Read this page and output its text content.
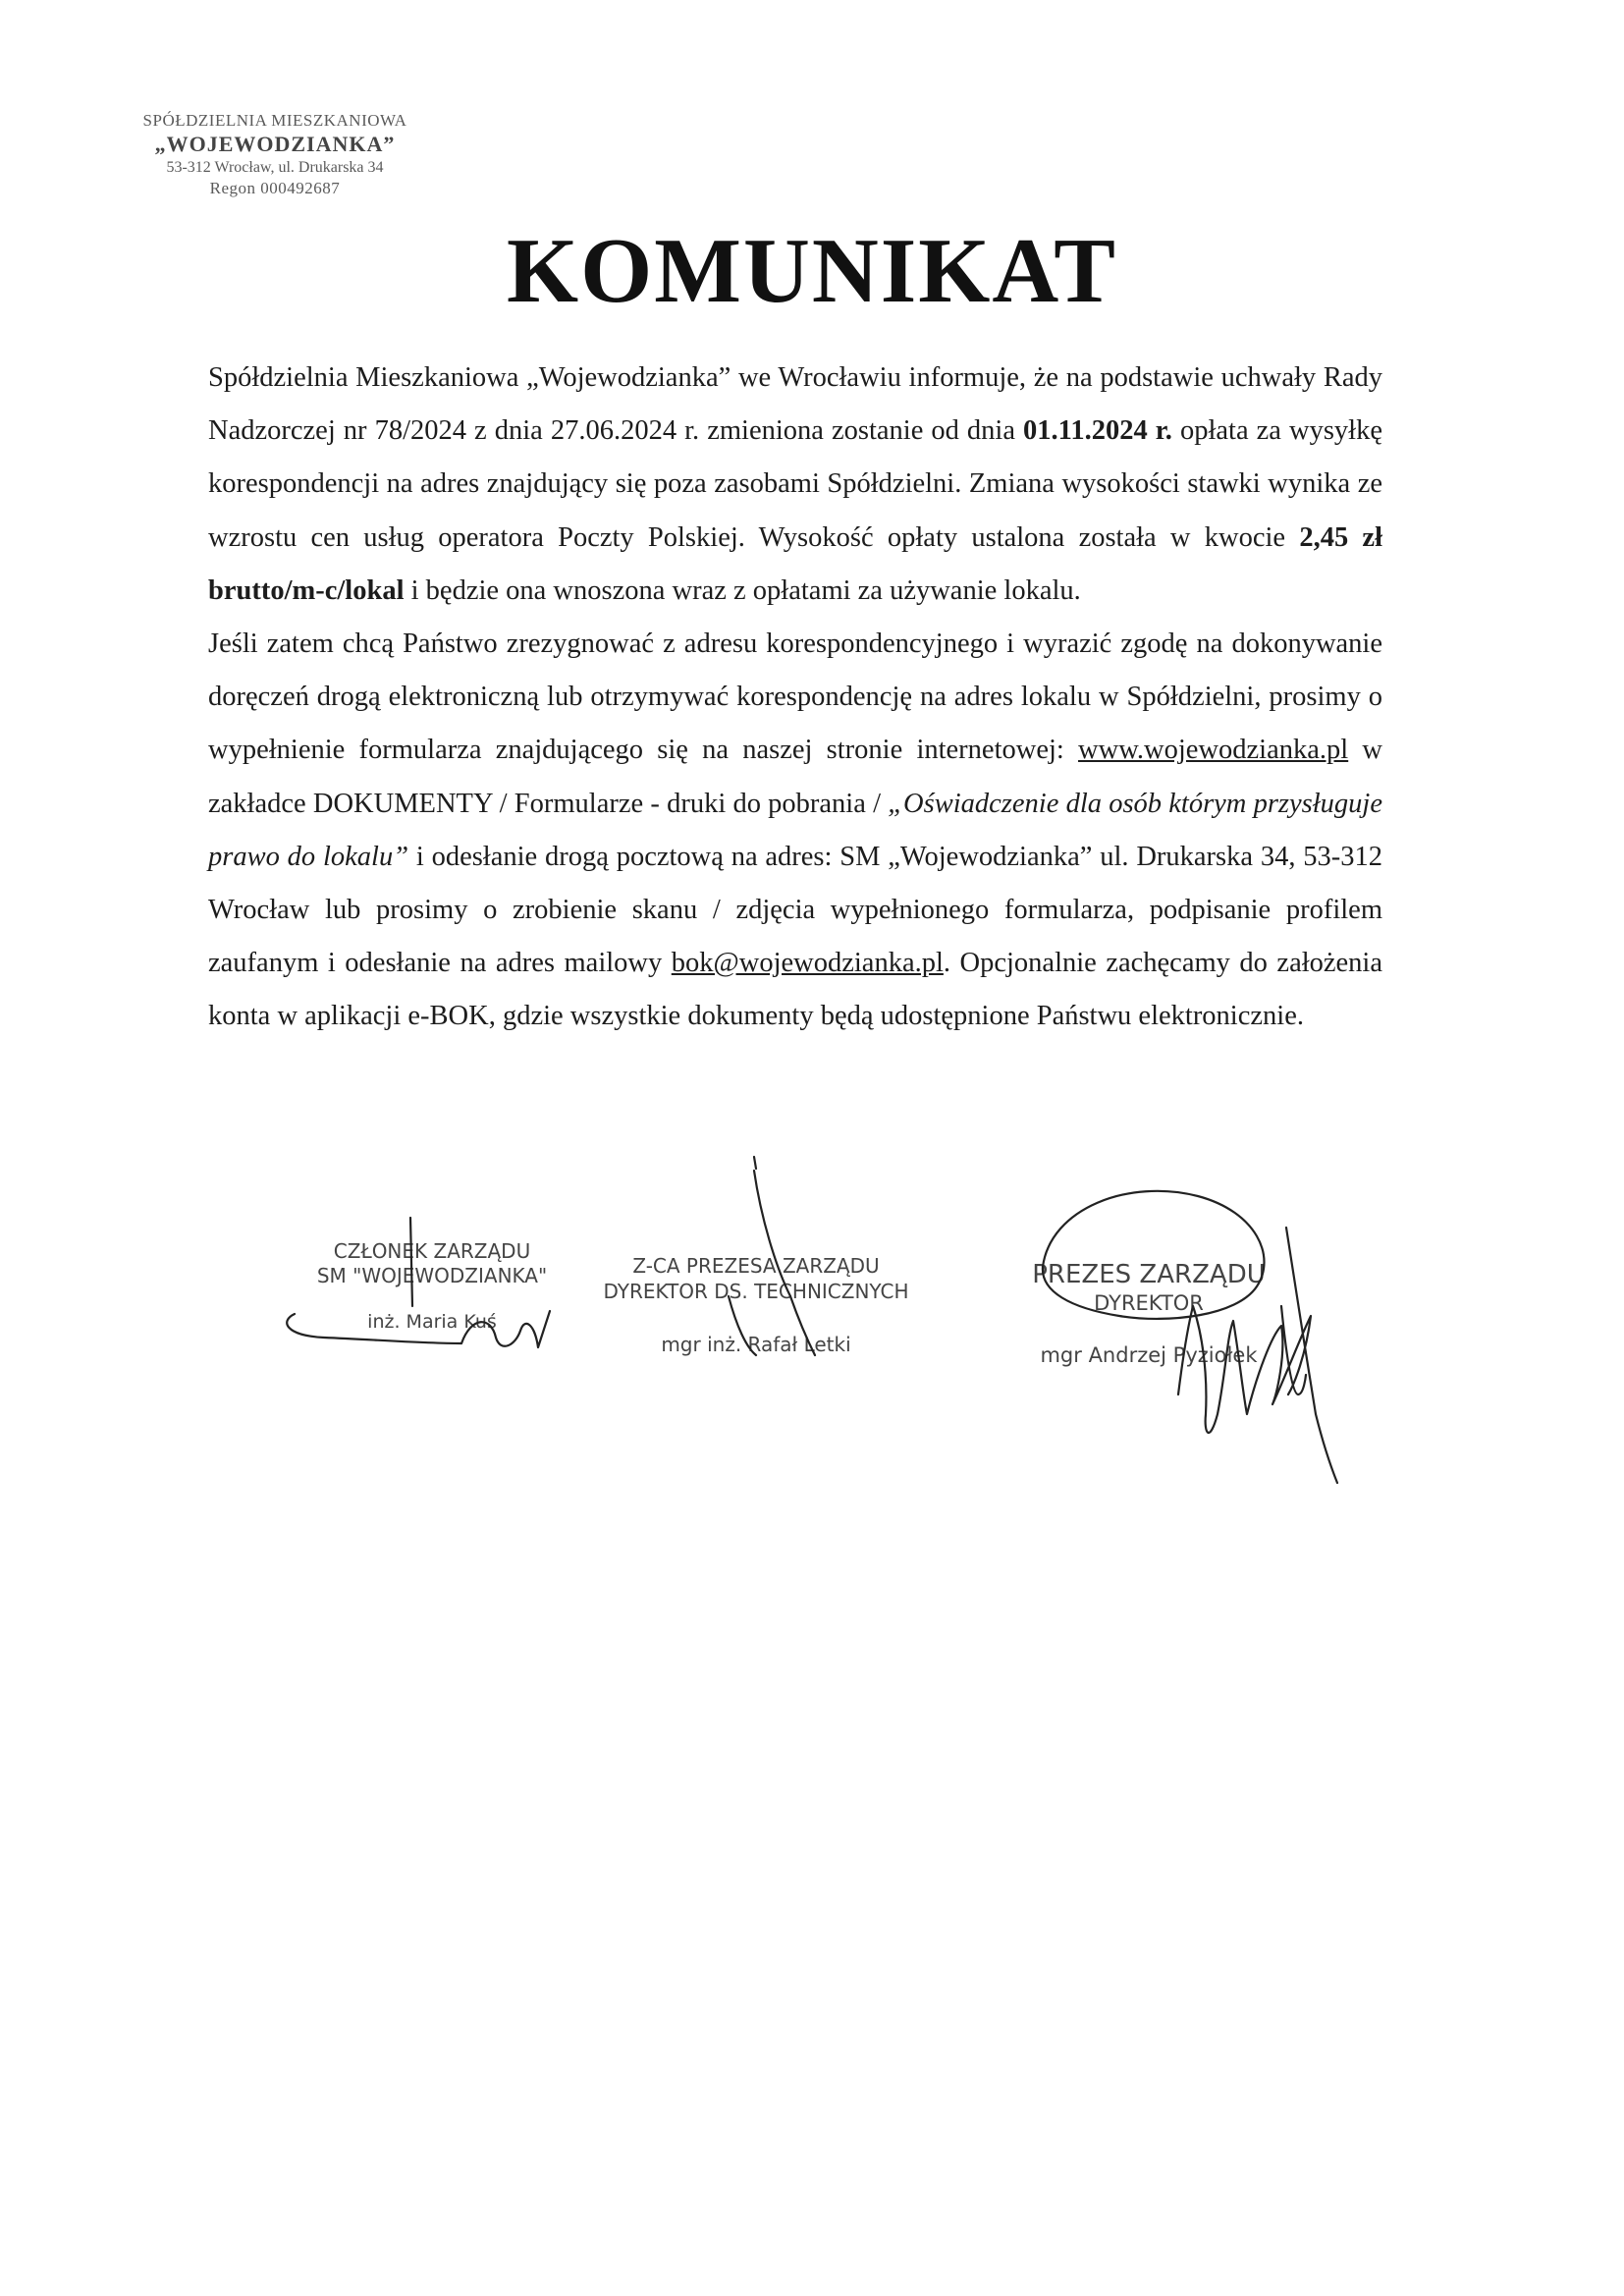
SPÓŁDZIELNIA MIESZKANIOWA
„WOJEWODZIANKA”
53-312 Wrocław, ul. Drukarska 34
Regon 000492687
KOMUNIKAT

Spółdzielnia Mieszkaniowa „Wojewodzianka” we Wrocławiu informuje, że na podstawie uchwały Rady Nadzorczej nr 78/2024 z dnia 27.06.2024 r. zmieniona zostanie od dnia 01.11.2024 r. opłata za wysyłkę korespondencji na adres znajdujący się poza zasobami Spółdzielni. Zmiana wysokości stawki wynika ze wzrostu cen usług operatora Poczty Polskiej. Wysokość opłaty ustalona została w kwocie 2,45 zł brutto/m-c/lokal i będzie ona wnoszona wraz z opłatami za używanie lokalu.

Jeśli zatem chcą Państwo zrezygnować z adresu korespondencyjnego i wyrazić zgodę na dokonywanie doręczeń drogą elektroniczną lub otrzymywać korespondencję na adres lokalu w Spółdzielni, prosimy o wypełnienie formularza znajdującego się na naszej stronie internetowej: www.wojewodzianka.pl w zakładce DOKUMENTY / Formularze - druki do pobrania / „Oświadczenie dla osób którym przysługuje prawo do lokalu” i odesłanie drogą pocztową na adres: SM „Wojewodzianka” ul. Drukarska 34, 53-312 Wrocław lub prosimy o zrobienie skanu / zdjęcia wypełnionego formularza, podpisanie profilem zaufanym i odesłanie na adres mailowy bok@wojewodzianka.pl. Opcjonalnie zachęcamy do założenia konta w aplikacji e-BOK, gdzie wszystkie dokumenty będą udostępnione Państwu elektronicznie.

CZŁONEK ZARZĄDU
SM "WOJEWODZIANKA"
inż. Maria Kuś
Z-CA PREZESA ZARZĄDU
DYREKTOR DS. TECHNICZNYCH
mgr inż. Rafał Letki
PREZES ZARZĄDU
DYREKTOR
mgr Andrzej Pyziołek
